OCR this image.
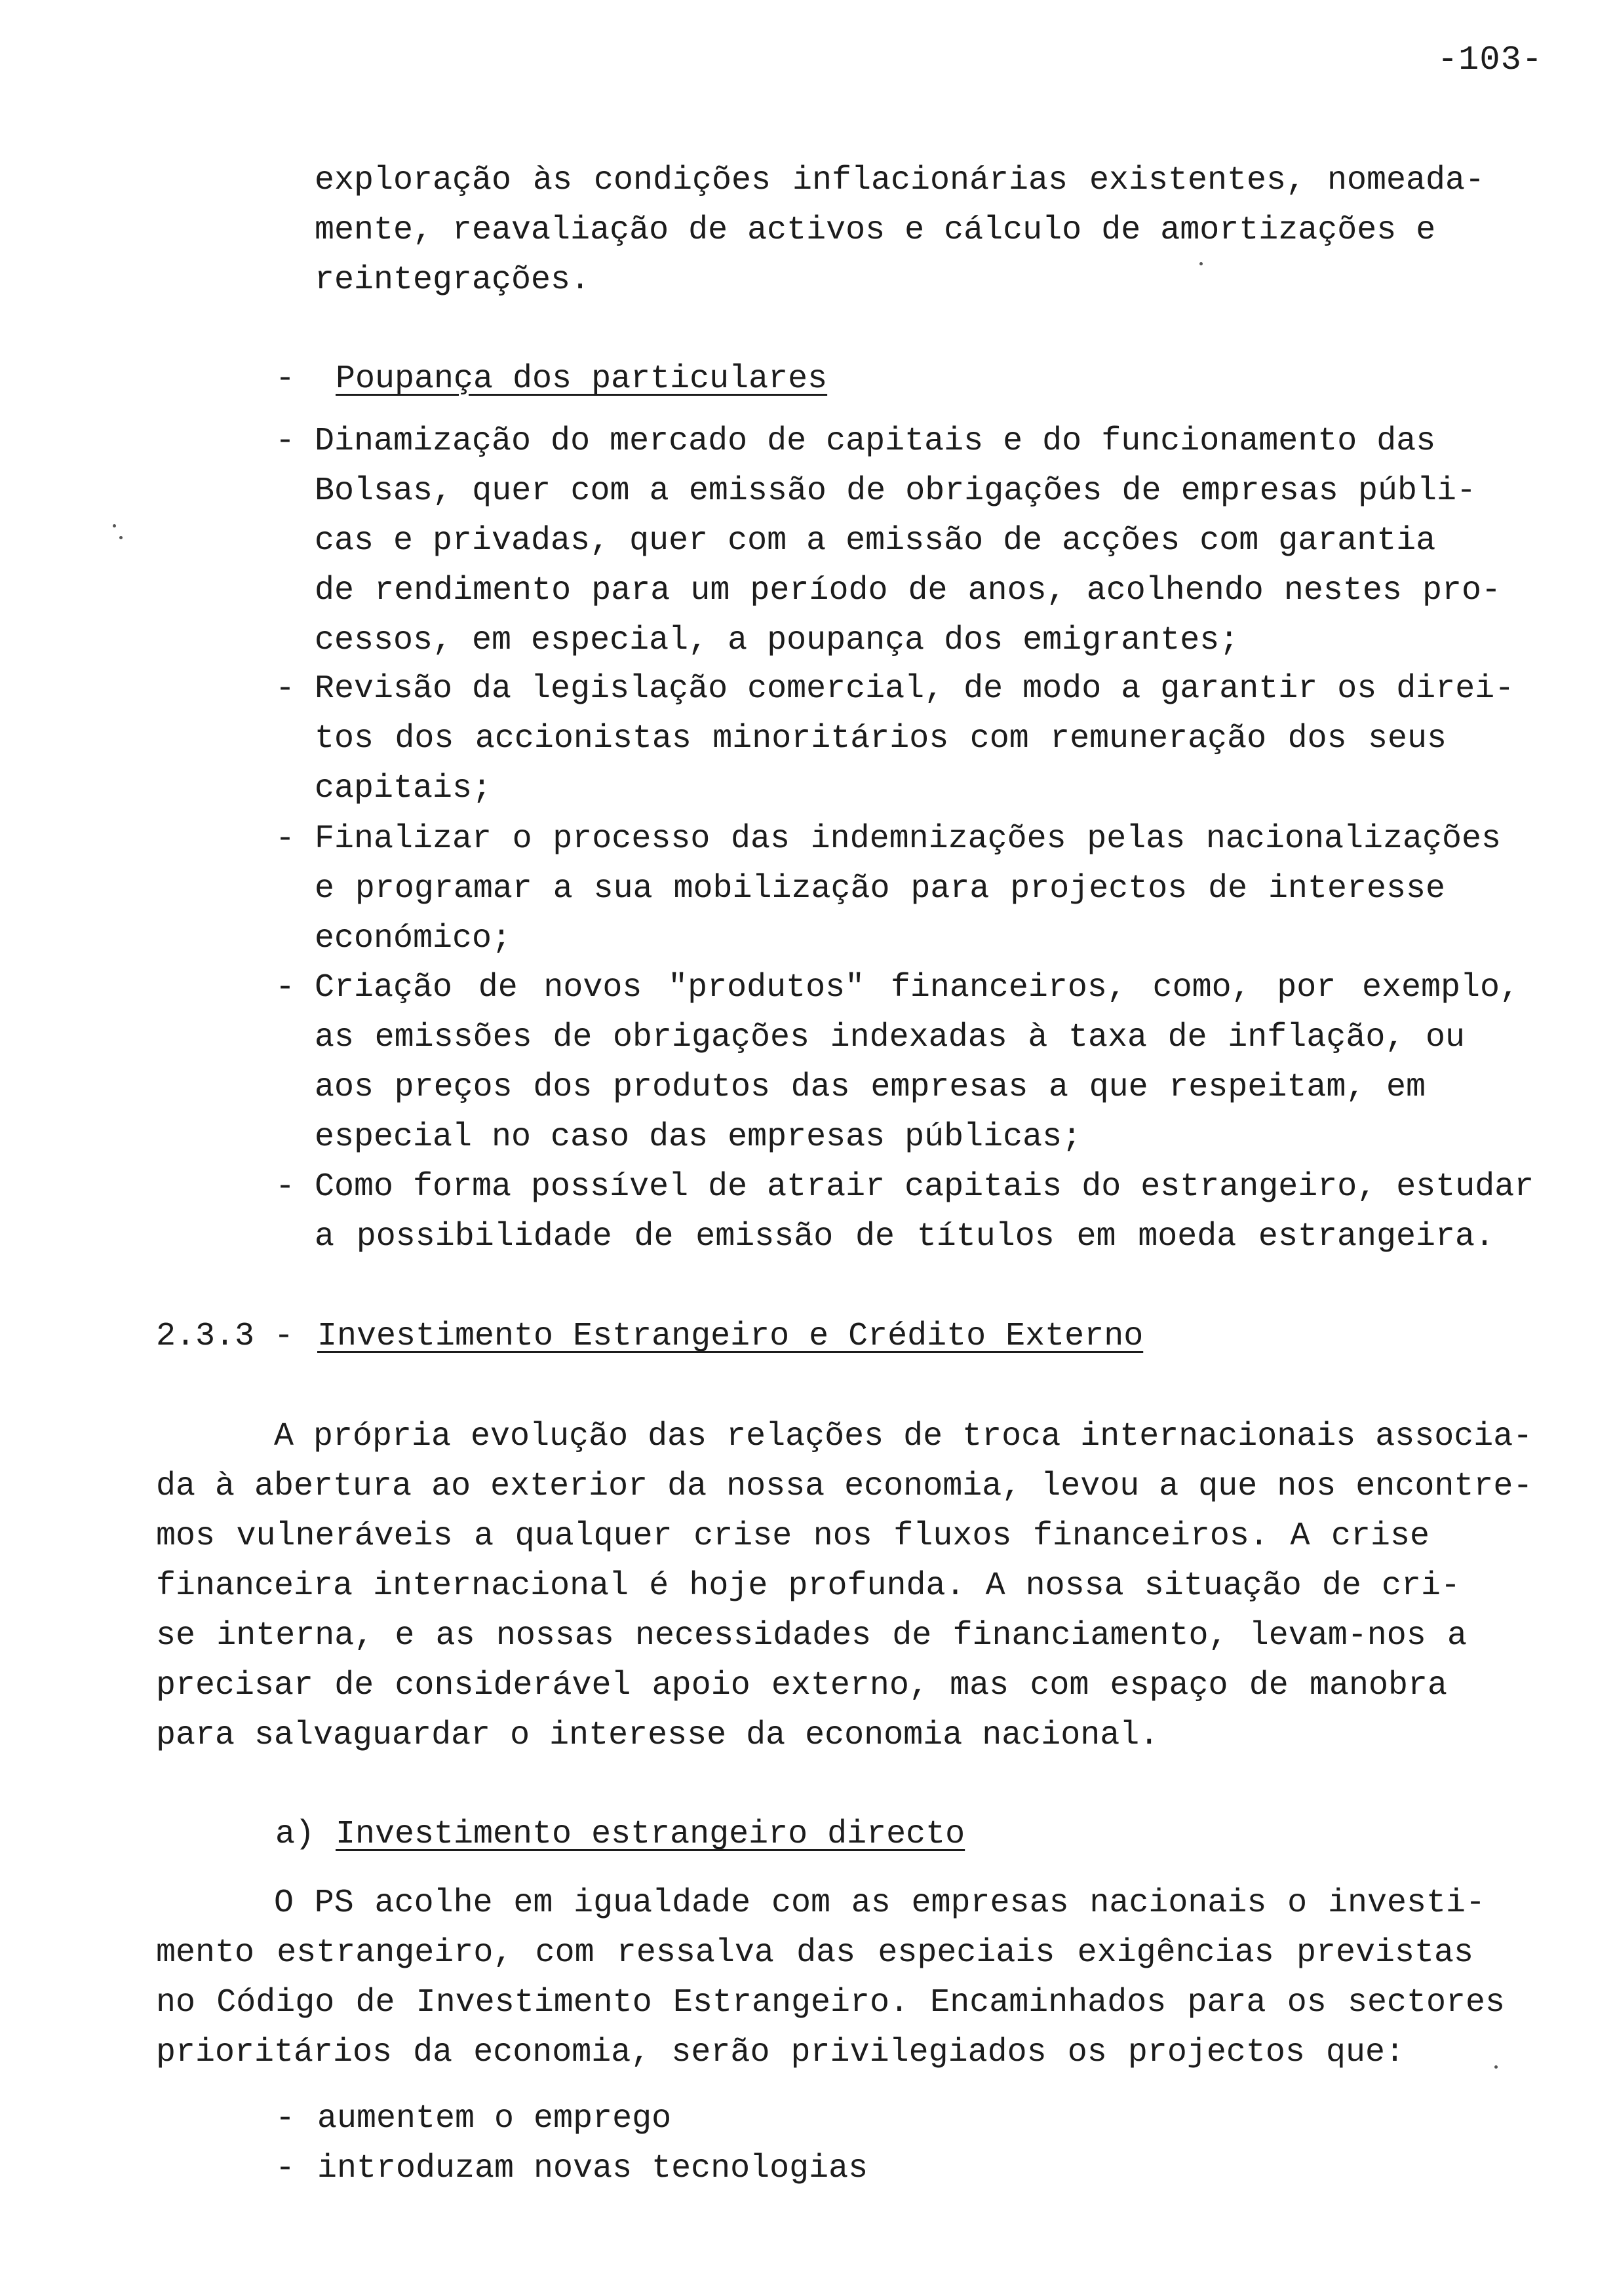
-103-
exploração às condições inflacionárias existentes, nomeada-
mente, reavaliação de activos e cálculo de amortizações e
reintegrações.
- Poupança dos particulares
- Dinamização do mercado de capitais e do funcionamento das
Bolsas, quer com a emissão de obrigações de empresas públi-
cas e privadas, quer com a emissão de acções com garantia
de rendimento para um período de anos, acolhendo nestes pro-
cessos, em especial, a poupança dos emigrantes;
- Revisão da legislação comercial, de modo a garantir os direi-
tos dos accionistas minoritários com remuneração dos seus
capitais;
- Finalizar o processo das indemnizações pelas nacionalizações
e programar a sua mobilização para projectos de interesse
económico;
- Criação de novos "produtos" financeiros, como, por exemplo,
as emissões de obrigações indexadas à taxa de inflação, ou
aos preços dos produtos das empresas a que respeitam, em
especial no caso das empresas públicas;
- Como forma possível de atrair capitais do estrangeiro, estudar
a possibilidade de emissão de títulos em moeda estrangeira.
2.3.3 - Investimento Estrangeiro e Crédito Externo
A própria evolução das relações de troca internacionais associa-
da à abertura ao exterior da nossa economia, levou a que nos encontre-
mos vulneráveis a qualquer crise nos fluxos financeiros. A crise
financeira internacional é hoje profunda. A nossa situação de cri-
se interna, e as nossas necessidades de financiamento, levam-nos a
precisar de considerável apoio externo, mas com espaço de manobra
para salvaguardar o interesse da economia nacional.
a) Investimento estrangeiro directo
O PS acolhe em igualdade com as empresas nacionais o investi-
mento estrangeiro, com ressalva das especiais exigências previstas
no Código de Investimento Estrangeiro. Encaminhados para os sectores
prioritários da economia, serão privilegiados os projectos que:
- aumentem o emprego
- introduzam novas tecnologias
